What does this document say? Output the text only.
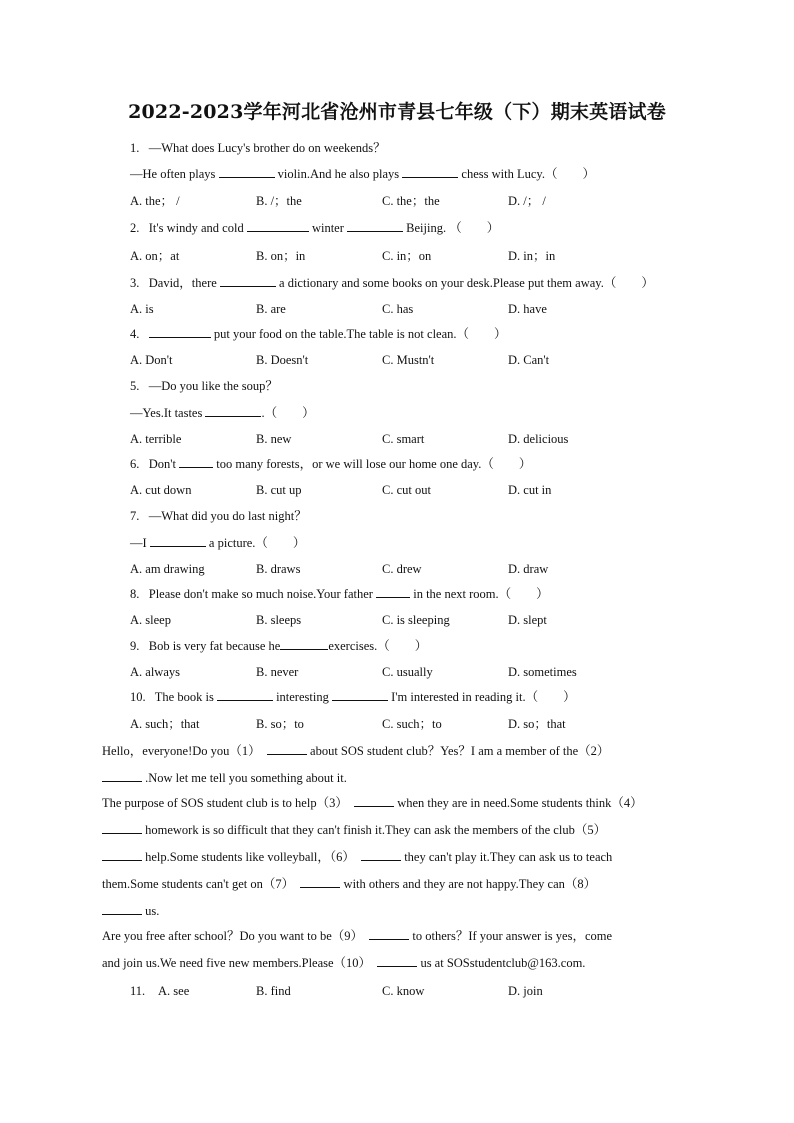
2022-2023学年河北省沧州市青县七年级（下）期末英语试卷
1. —What does Lucy's brother do on weekends？
—He often plays	violin.And he also plays	chess with Lucy.（　　）
A. the； /	B. /；the	C. the；the	D. /； /
2. It's windy and cold	winter	Beijing. （　　）
A. on；at	B. on；in	C. in；on	D. in；in
3. David，there	a dictionary and some books on your desk.Please put them away.（　　）
A. is	B. are	C. has	D. have
4.	put your food on the table.The table is not clean.（　　）
A. Don't	B. Doesn't	C. Mustn't	D. Can't
5. —Do you like the soup？
—Yes.It tastes	.（　　）
A. terrible	B. new	C. smart	D. delicious
6. Don't	too many forests，or we will lose our home one day.（　　）
A. cut down	B. cut up	C. cut out	D. cut in
7. —What did you do last night？
—I	a picture.（　　）
A. am drawing	B. draws	C. drew	D. draw
8. Please don't make so much noise.Your father	in the next room.（　　）
A. sleep	B. sleeps	C. is sleeping	D. slept
9. Bob is very fat because he	exercises.（　　）
A. always	B. never	C. usually	D. sometimes
10. The book is	interesting	I'm interested in reading it.（　　）
A. such；that	B. so；to	C. such；to	D. so；that
Hello，everyone!Do you（1）	about SOS student club？Yes？I am a member of the（2）
.Now let me tell you something about it.
The purpose of SOS student club is to help（3）	when they are in need.Some students think（4）
homework is so difficult that they can't finish it.They can ask the members of the club（5）
help.Some students like volleyball，（6）	they can't play it.They can ask us to teach
them.Some students can't get on（7）	with others and they are not happy.They can（8）
us.
Are you free after school？Do you want to be（9）	to others？If your answer is yes，come
and join us.We need five new members.Please（10）	us at SOSstudentclub@163.com.
11. A. see	B. find	C. know	D. join
